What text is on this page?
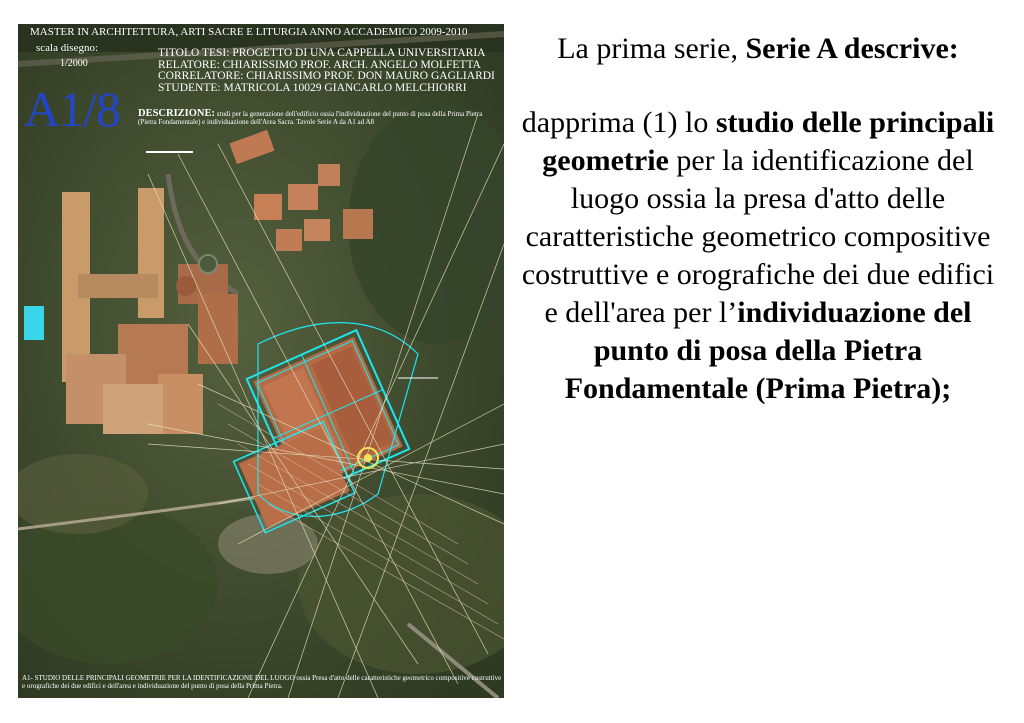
MASTER IN ARCHITETTURA, ARTI SACRE E LITURGIA ANNO ACCADEMICO 2009-2010
scala disegno:
1/2000
TITOLO TESI: PROGETTO DI UNA CAPPELLA UNIVERSITARIA
RELATORE: CHIARISSIMO PROF. ARCH. ANGELO MOLFETTA
CORRELATORE: CHIARISSIMO PROF. DON MAURO GAGLIARDI
STUDENTE: MATRICOLA 10029 GIANCARLO MELCHIORRI
A1/8 DESCRIZIONE: studi per la generazione dell'edificio ossia l'individuazione del punto di posa della Prima Pietra (Pietra Fondamentale) e individuazione dell'Area Sacra. Tavole Serie A da A1 ad A8
A1- STUDIO DELLE PRINCIPALI GEOMETRIE PER LA IDENTIFICAZIONE DEL LUOGO ossia Presa d'atto delle caratteristiche geometrico compositive costruttive e orografiche dei due edifici e dell'area e individuazione del punto di posa della Prima Pietra.

La prima serie, Serie A descrive:

dapprima (1) lo studio delle principali geometrie per la identificazione del luogo ossia la presa d'atto delle caratteristiche geometrico compositive costruttive e orografiche dei due edifici e dell'area per l’individuazione del punto di posa della Pietra Fondamentale (Prima Pietra);
